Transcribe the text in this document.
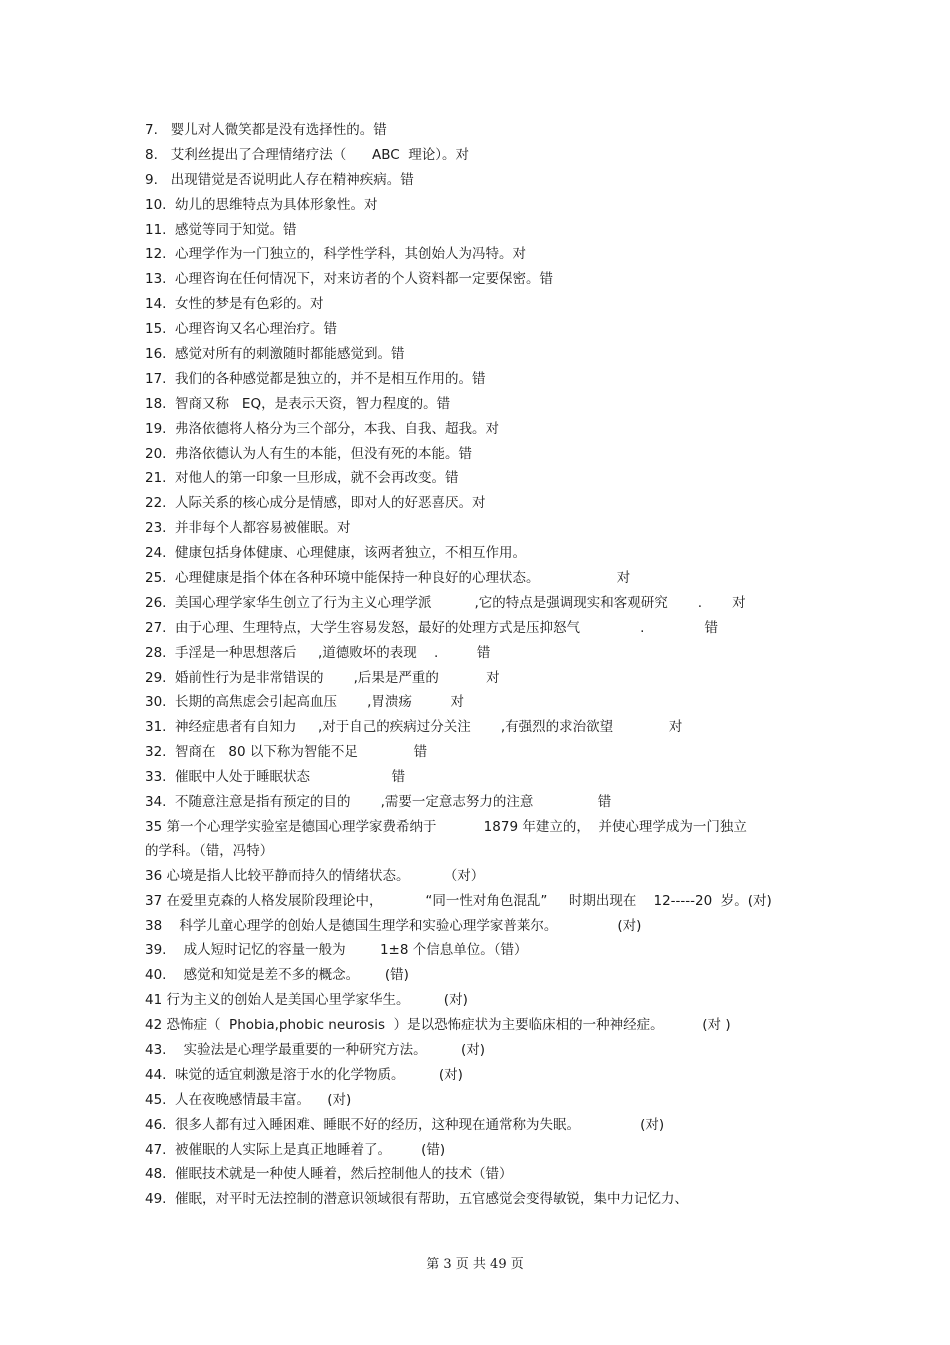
7.   婴儿对人微笑都是没有选择性的。错
8.   艾利丝提出了合理情绪疗法（      ABC  理论）。对
9.   出现错觉是否说明此人存在精神疾病。错
10.  幼儿的思维特点为具体形象性。对
11.  感觉等同于知觉。错
12.  心理学作为一门独立的，科学性学科，其创始人为冯特。对
13.  心理咨询在任何情况下，对来访者的个人资料都一定要保密。错
14.  女性的梦是有色彩的。对
15.  心理咨询又名心理治疗。错
16.  感觉对所有的刺激随时都能感觉到。错
17.  我们的各种感觉都是独立的，并不是相互作用的。错
18.  智商又称   EQ，是表示天资，智力程度的。错
19.  弗洛依德将人格分为三个部分，本我、自我、超我。对
20.  弗洛依德认为人有生的本能，但没有死的本能。错
21.  对他人的第一印象一旦形成，就不会再改变。错
22.  人际关系的核心成分是情感，即对人的好恶喜厌。对
23.  并非每个人都容易被催眠。对
24.  健康包括身体健康、心理健康，该两者独立，不相互作用。
25.  心理健康是指个体在各种环境中能保持一种良好的心理状态。                  对
26.  美国心理学家华生创立了行为主义心理学派          ,它的特点是强调现实和客观研究       .       对
27.  由于心理、生理特点，大学生容易发怒，最好的处理方式是压抑怒气              .              错
28.  手淫是一种思想落后     ,道德败坏的表现    .         错
29.  婚前性行为是非常错误的       ,后果是严重的           对
30.  长期的高焦虑会引起高血压       ,胃溃疡         对
31.  神经症患者有自知力     ,对于自己的疾病过分关注       ,有强烈的求治欲望             对
32.  智商在   80 以下称为智能不足             错
33.  催眠中人处于睡眠状态                   错
34.  不随意注意是指有预定的目的       ,需要一定意志努力的注意               错
35 第一个心理学实验室是德国心理学家费希纳于           1879 年建立的，  并使心理学成为一门独立
的学科。（错，冯特）
36 心境是指人比较平静而持久的情绪状态。        （对）
37 在爱里克森的人格发展阶段理论中，          “同一性对角色混乱”     时期出现在    12-----20  岁。(对)
38    科学儿童心理学的创始人是德国生理学和实验心理学家普莱尔。              (对)
39.    成人短时记忆的容量一般为        1±8 个信息单位。（错）
40.    感觉和知觉是差不多的概念。      (错)
41 行为主义的创始人是美国心里学家华生。        (对)
42 恐怖症（  Phobia,phobic neurosis  ）是以恐怖症状为主要临床相的一种神经症。         (对 )
43.    实验法是心理学最重要的一种研究方法。        (对)
44.  味觉的适宜刺激是溶于水的化学物质。        (对)
45.  人在夜晚感情最丰富。    (对)
46.  很多人都有过入睡困难、睡眠不好的经历，这种现在通常称为失眠。              (对)
47.  被催眠的人实际上是真正地睡着了。       (错)
48.  催眠技术就是一种使人睡着，然后控制他人的技术（错）
49.  催眠，对平时无法控制的潜意识领域很有帮助，五官感觉会变得敏锐，集中力记忆力、
第 3 页 共 49 页
